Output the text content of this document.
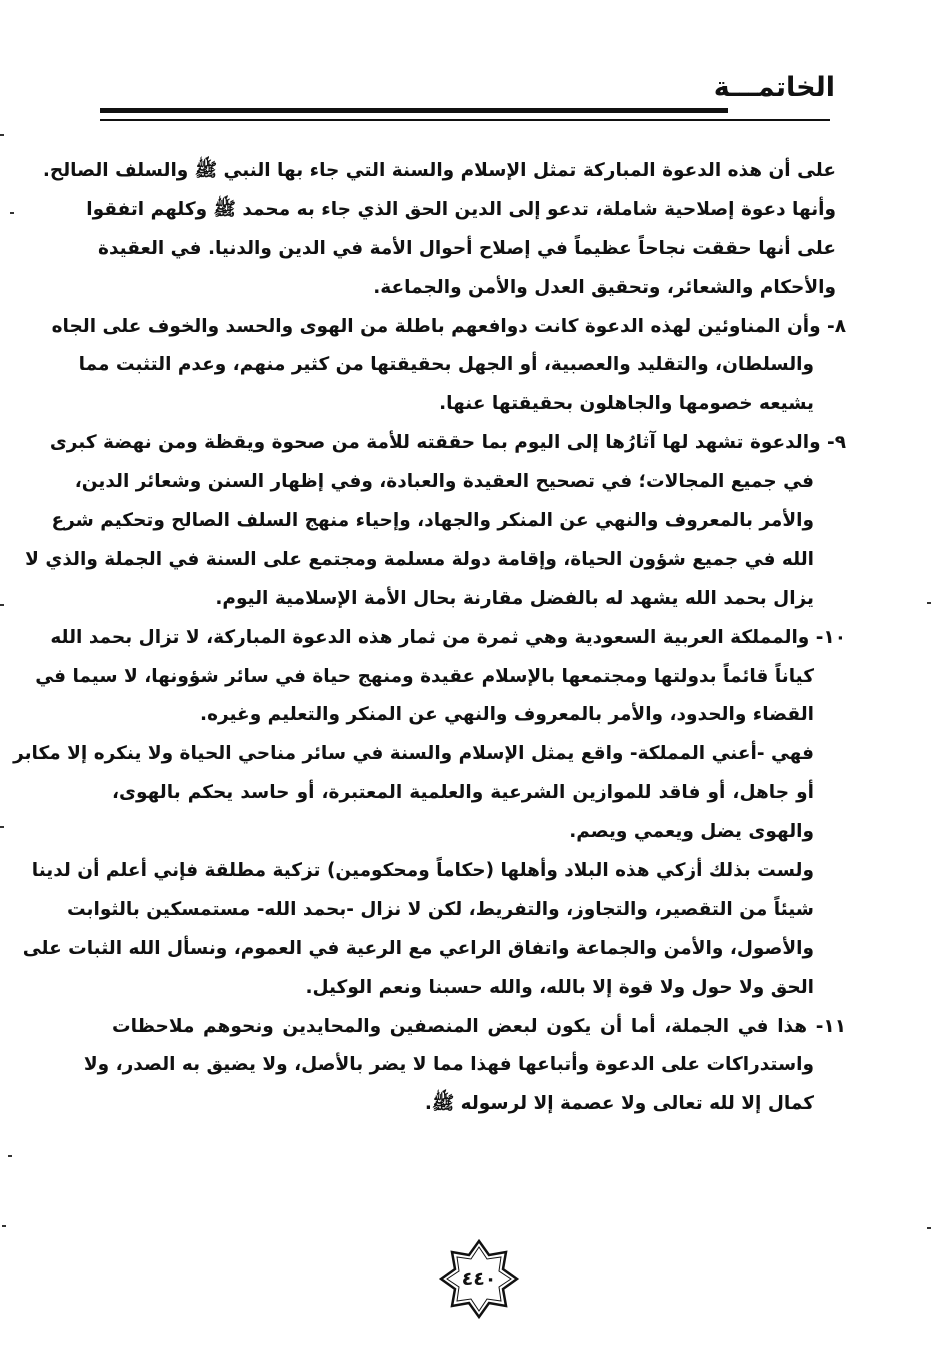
الخاتمـــة
على أن هذه الدعوة المباركة تمثل الإسلام والسنة التي جاء بها النبي ﷺ والسلف الصالح.
وأنها دعوة إصلاحية شاملة، تدعو إلى الدين الحق الذي جاء به محمد ﷺ وكلهم اتفقوا
على أنها حققت نجاحاً عظيماً في إصلاح أحوال الأمة في الدين والدنيا. في العقيدة
والأحكام والشعائر، وتحقيق العدل والأمن والجماعة.
٨- وأن المناوئين لهذه الدعوة كانت دوافعهم باطلة من الهوى والحسد والخوف على الجاه
والسلطان، والتقليد والعصبية، أو الجهل بحقيقتها من كثير منهم، وعدم التثبت مما
يشيعه خصومها والجاهلون بحقيقتها عنها.
٩- والدعوة تشهد لها آثارُها إلى اليوم بما حققته للأمة من صحوة ويقظة ومن نهضة كبرى
في جميع المجالات؛ في تصحيح العقيدة والعبادة، وفي إظهار السنن وشعائر الدين،
والأمر بالمعروف والنهي عن المنكر والجهاد، وإحياء منهج السلف الصالح وتحكيم شرع
الله في جميع شؤون الحياة، وإقامة دولة مسلمة ومجتمع على السنة في الجملة والذي لا
يزال بحمد الله يشهد له بالفضل مقارنة بحال الأمة الإسلامية اليوم.
١٠- والمملكة العربية السعودية وهي ثمرة من ثمار هذه الدعوة المباركة، لا تزال بحمد الله
كياناً قائماً بدولتها ومجتمعها بالإسلام عقيدة ومنهج حياة في سائر شؤونها، لا سيما في
القضاء والحدود، والأمر بالمعروف والنهي عن المنكر والتعليم وغيره.
فهي -أعني المملكة- واقع يمثل الإسلام والسنة في سائر مناحي الحياة ولا ينكره إلا مكابر
أو جاهل، أو فاقد للموازين الشرعية والعلمية المعتبرة، أو حاسد يحكم بالهوى،
والهوى يضل ويعمي ويصم.
ولست بذلك أزكي هذه البلاد وأهلها (حكاماً ومحكومين) تزكية مطلقة فإني أعلم أن لدينا
شيئاً من التقصير، والتجاوز، والتفريط، لكن لا نزال -بحمد الله- مستمسكين بالثوابت
والأصول، والأمن والجماعة واتفاق الراعي مع الرعية في العموم، ونسأل الله الثبات على
الحق ولا حول ولا قوة إلا بالله، والله حسبنا ونعم الوكيل.
١١- هذا في الجملة، أما أن يكون لبعض المنصفين والمحايدين ونحوهم ملاحظات
واستدراكات على الدعوة وأتباعها فهذا مما لا يضر بالأصل، ولا يضيق به الصدر، ولا
كمال إلا لله تعالى ولا عصمة إلا لرسوله ﷺ.
٤٤٠
